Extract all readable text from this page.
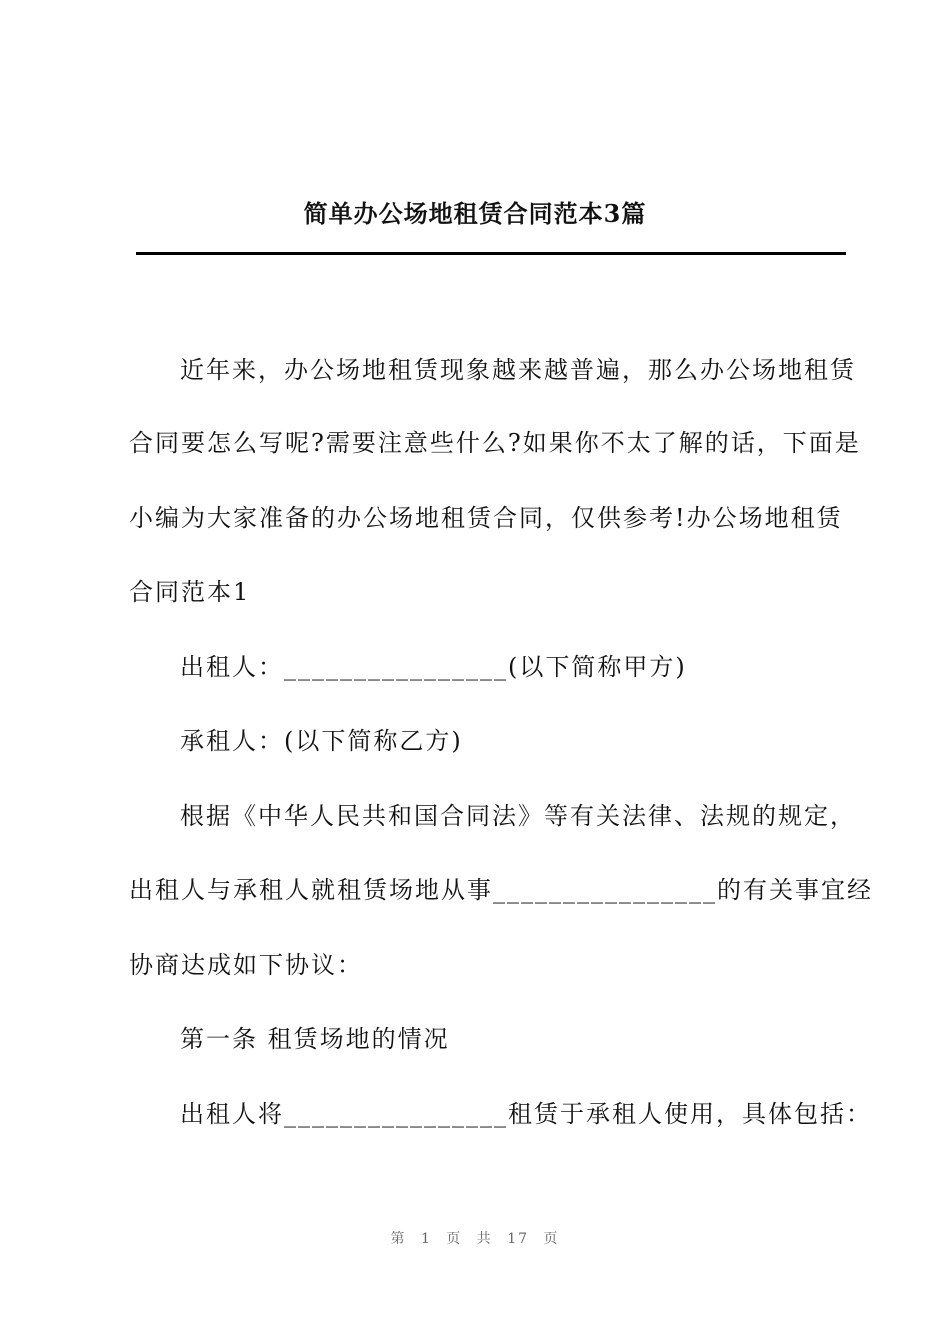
简单办公场地租赁合同范本3篇
近年来，办公场地租赁现象越来越普遍，那么办公场地租赁
合同要怎么写呢?需要注意些什么?如果你不太了解的话，下面是
小编为大家准备的办公场地租赁合同，仅供参考!办公场地租赁
合同范本1
出租人：________________(以下简称甲方)
承租人：(以下简称乙方)
根据《中华人民共和国合同法》等有关法律、法规的规定，
出租人与承租人就租赁场地从事________________的有关事宜经
协商达成如下协议：
第一条 租赁场地的情况
出租人将________________租赁于承租人使用，具体包括：
第 1 页 共 17 页
